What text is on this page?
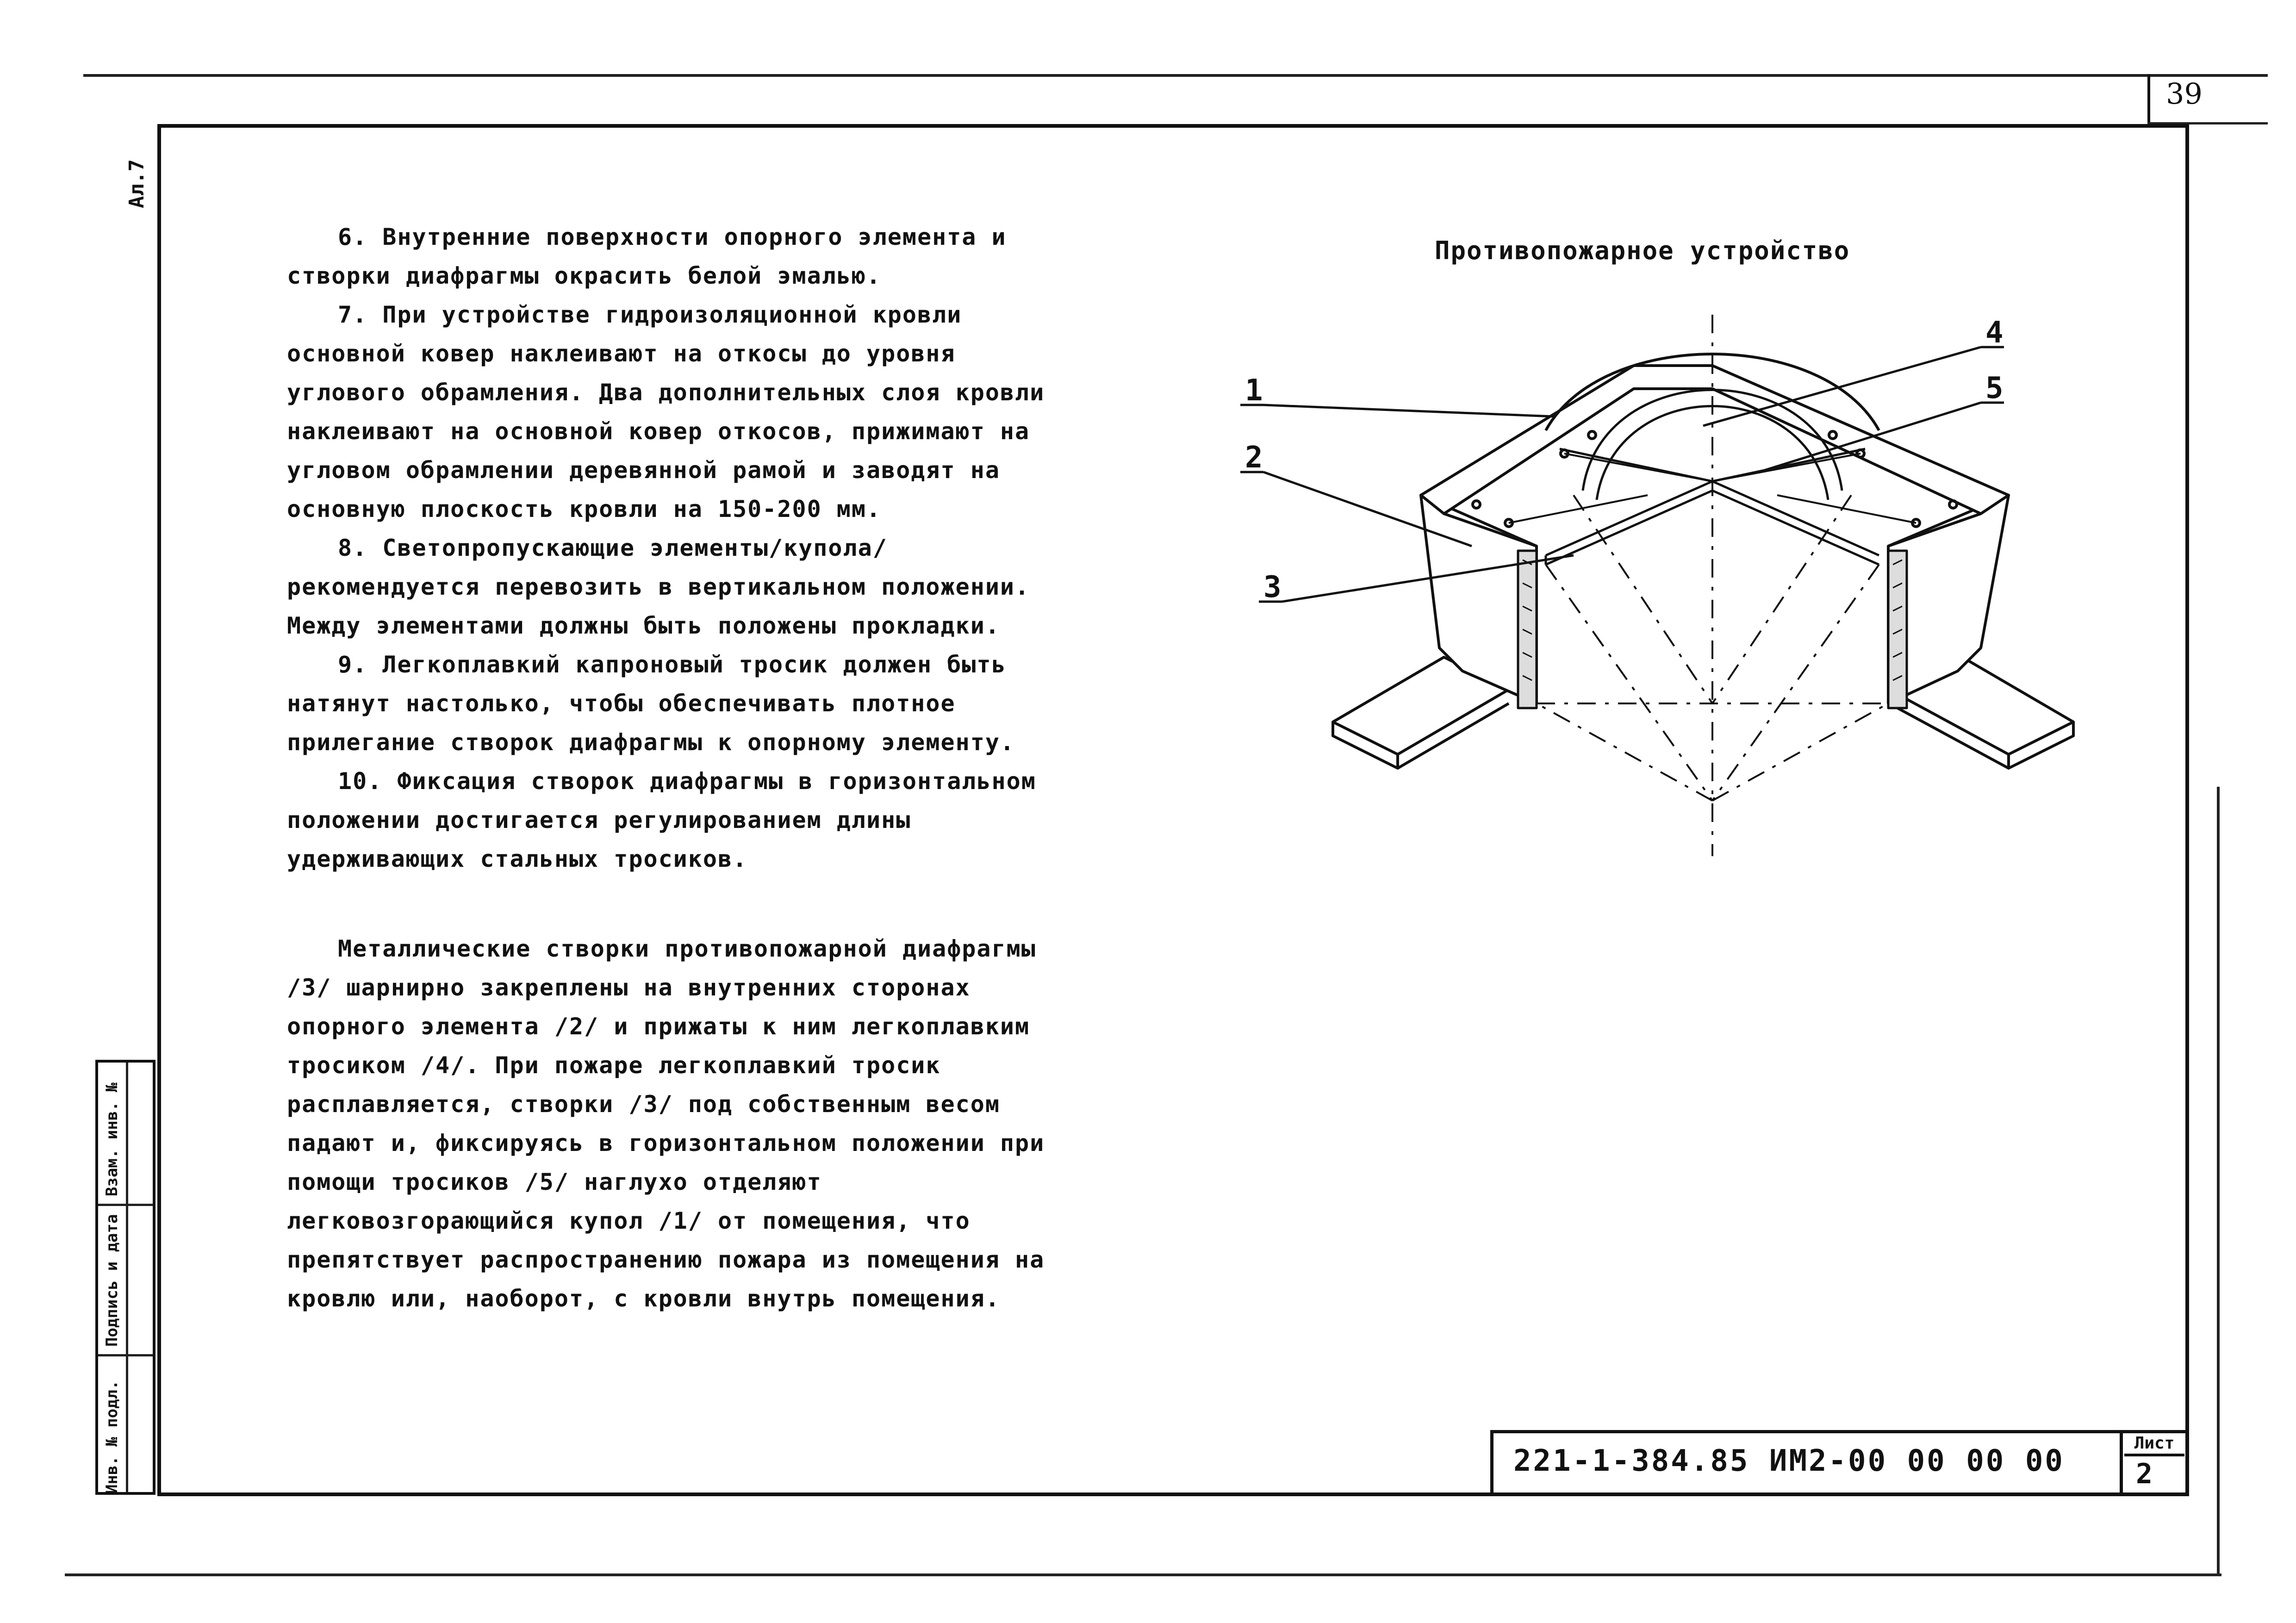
39
Ал.7
Инв. № подл.
Подпись и дата
Взам. инв. №

6. Внутренние поверхности опорного элемента и створки диафрагмы окрасить белой эмалью.

7. При устройстве гидроизоляционной кровли основной ковер наклеивают на откосы до уровня углового обрамления. Два дополнительных слоя кровли наклеивают на основной ковер откосов, прижимают на угловом обрамлении деревянной рамой и заводят на основную плоскость кровли на 150-200 мм.

8. Светопропускающие элементы/купола/ рекомендуется перевозить в вертикальном положении. Между элементами должны быть положены прокладки.

9. Легкоплавкий капроновый тросик должен быть натянут настолько, чтобы обеспечивать плотное прилегание створок диафрагмы к опорному элементу.

10. Фиксация створок диафрагмы в горизонтальном положении достигается регулированием длины удерживающих стальных тросиков.

Металлические створки противопожарной диафрагмы /3/ шарнирно закреплены на внутренних сторонах опорного элемента /2/ и прижаты к ним легкоплавким тросиком /4/. При пожаре легкоплавкий тросик расплавляется, створки /3/ под собственным весом падают и, фиксируясь в горизонтальном положении при помощи тросиков /5/ наглухо отделяют легковозгорающийся купол /1/ от помещения, что препятствует распространению пожара из помещения на кровлю или, наоборот, с кровли внутрь помещения.

Противопожарное устройство
1
2
3
4
5
221-1-384.85 ИМ2-00 00 00 00
Лист
2
